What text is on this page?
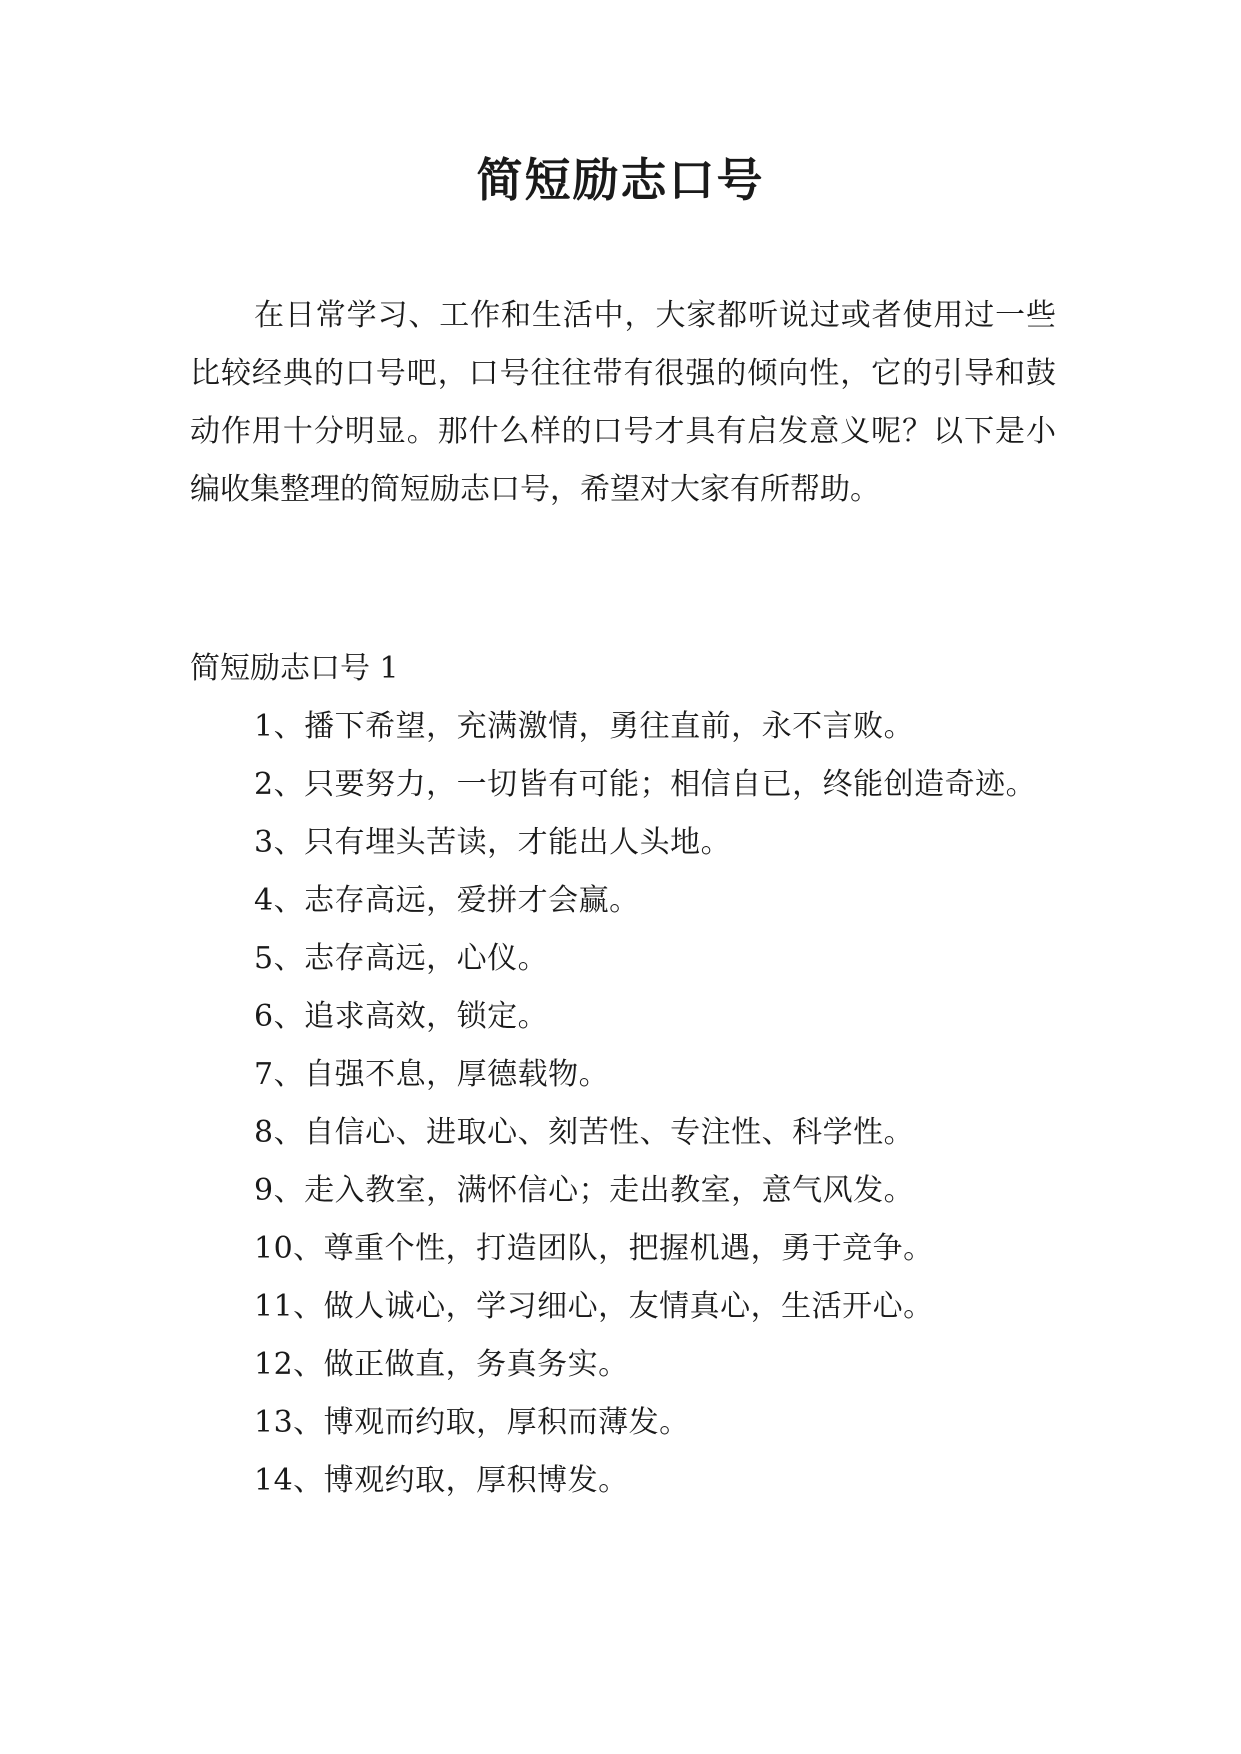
简短励志口号

在日常学习、工作和生活中，大家都听说过或者使用过一些比较经典的口号吧，口号往往带有很强的倾向性，它的引导和鼓动作用十分明显。那什么样的口号才具有启发意义呢？以下是小编收集整理的简短励志口号，希望对大家有所帮助。

简短励志口号 1

1、播下希望，充满激情，勇往直前，永不言败。
2、只要努力，一切皆有可能；相信自已，终能创造奇迹。
3、只有埋头苦读，才能出人头地。
4、志存高远，爱拼才会赢。
5、志存高远，心仪。
6、追求高效，锁定。
7、自强不息，厚德载物。
8、自信心、进取心、刻苦性、专注性、科学性。
9、走入教室，满怀信心；走出教室，意气风发。
10、尊重个性，打造团队，把握机遇，勇于竞争。
11、做人诚心，学习细心，友情真心，生活开心。
12、做正做直，务真务实。
13、博观而约取，厚积而薄发。
14、博观约取，厚积博发。
